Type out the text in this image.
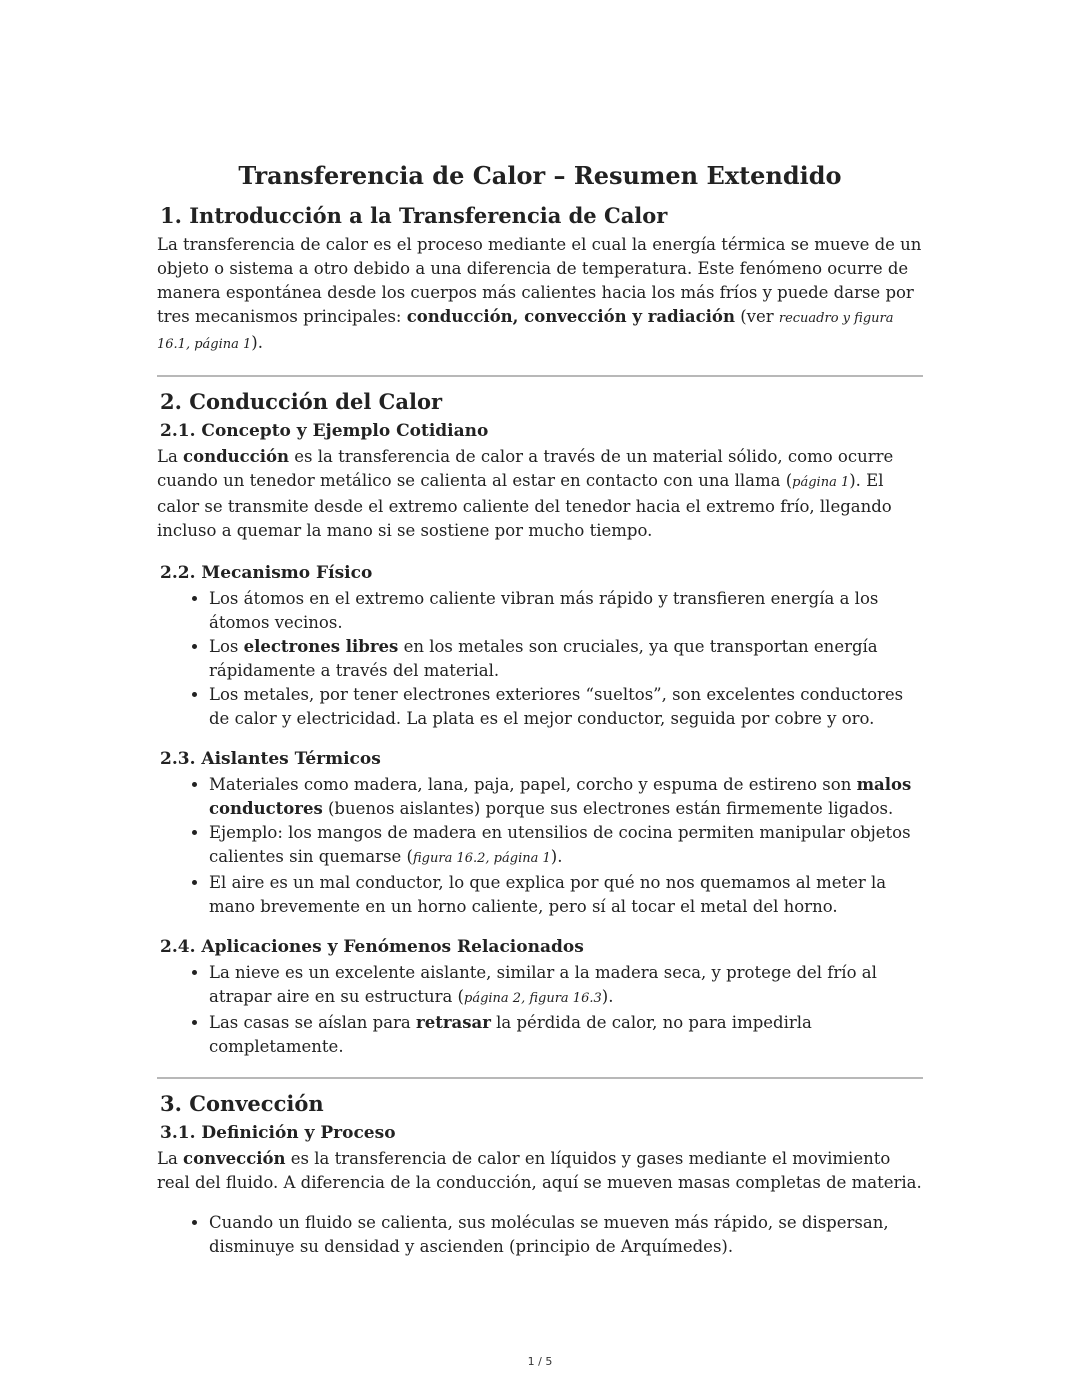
Transferencia de Calor – Resumen Extendido
1. Introducción a la Transferencia de Calor

La transferencia de calor es el proceso mediante el cual la energía térmica se mueve de un objeto o sistema a otro debido a una diferencia de temperatura. Este fenómeno ocurre de manera espontánea desde los cuerpos más calientes hacia los más fríos y puede darse por tres mecanismos principales: conducción, convección y radiación (ver recuadro y figura 16.1, página 1).

2. Conducción del Calor
2.1. Concepto y Ejemplo Cotidiano

La conducción es la transferencia de calor a través de un material sólido, como ocurre cuando un tenedor metálico se calienta al estar en contacto con una llama (página 1). El calor se transmite desde el extremo caliente del tenedor hacia el extremo frío, llegando incluso a quemar la mano si se sostiene por mucho tiempo.

2.2. Mecanismo Físico
• Los átomos en el extremo caliente vibran más rápido y transfieren energía a los átomos vecinos.
• Los electrones libres en los metales son cruciales, ya que transportan energía rápidamente a través del material.
• Los metales, por tener electrones exteriores “sueltos”, son excelentes conductores de calor y electricidad. La plata es el mejor conductor, seguida por cobre y oro.
2.3. Aislantes Térmicos
• Materiales como madera, lana, paja, papel, corcho y espuma de estireno son malos conductores (buenos aislantes) porque sus electrones están firmemente ligados.
• Ejemplo: los mangos de madera en utensilios de cocina permiten manipular objetos calientes sin quemarse (figura 16.2, página 1).
• El aire es un mal conductor, lo que explica por qué no nos quemamos al meter la mano brevemente en un horno caliente, pero sí al tocar el metal del horno.
2.4. Aplicaciones y Fenómenos Relacionados
• La nieve es un excelente aislante, similar a la madera seca, y protege del frío al atrapar aire en su estructura (página 2, figura 16.3).
• Las casas se aíslan para retrasar la pérdida de calor, no para impedirla completamente.
3. Convección
3.1. Definición y Proceso

La convección es la transferencia de calor en líquidos y gases mediante el movimiento real del fluido. A diferencia de la conducción, aquí se mueven masas completas de materia.

• Cuando un fluido se calienta, sus moléculas se mueven más rápido, se dispersan, disminuye su densidad y ascienden (principio de Arquímedes).
1 / 5
